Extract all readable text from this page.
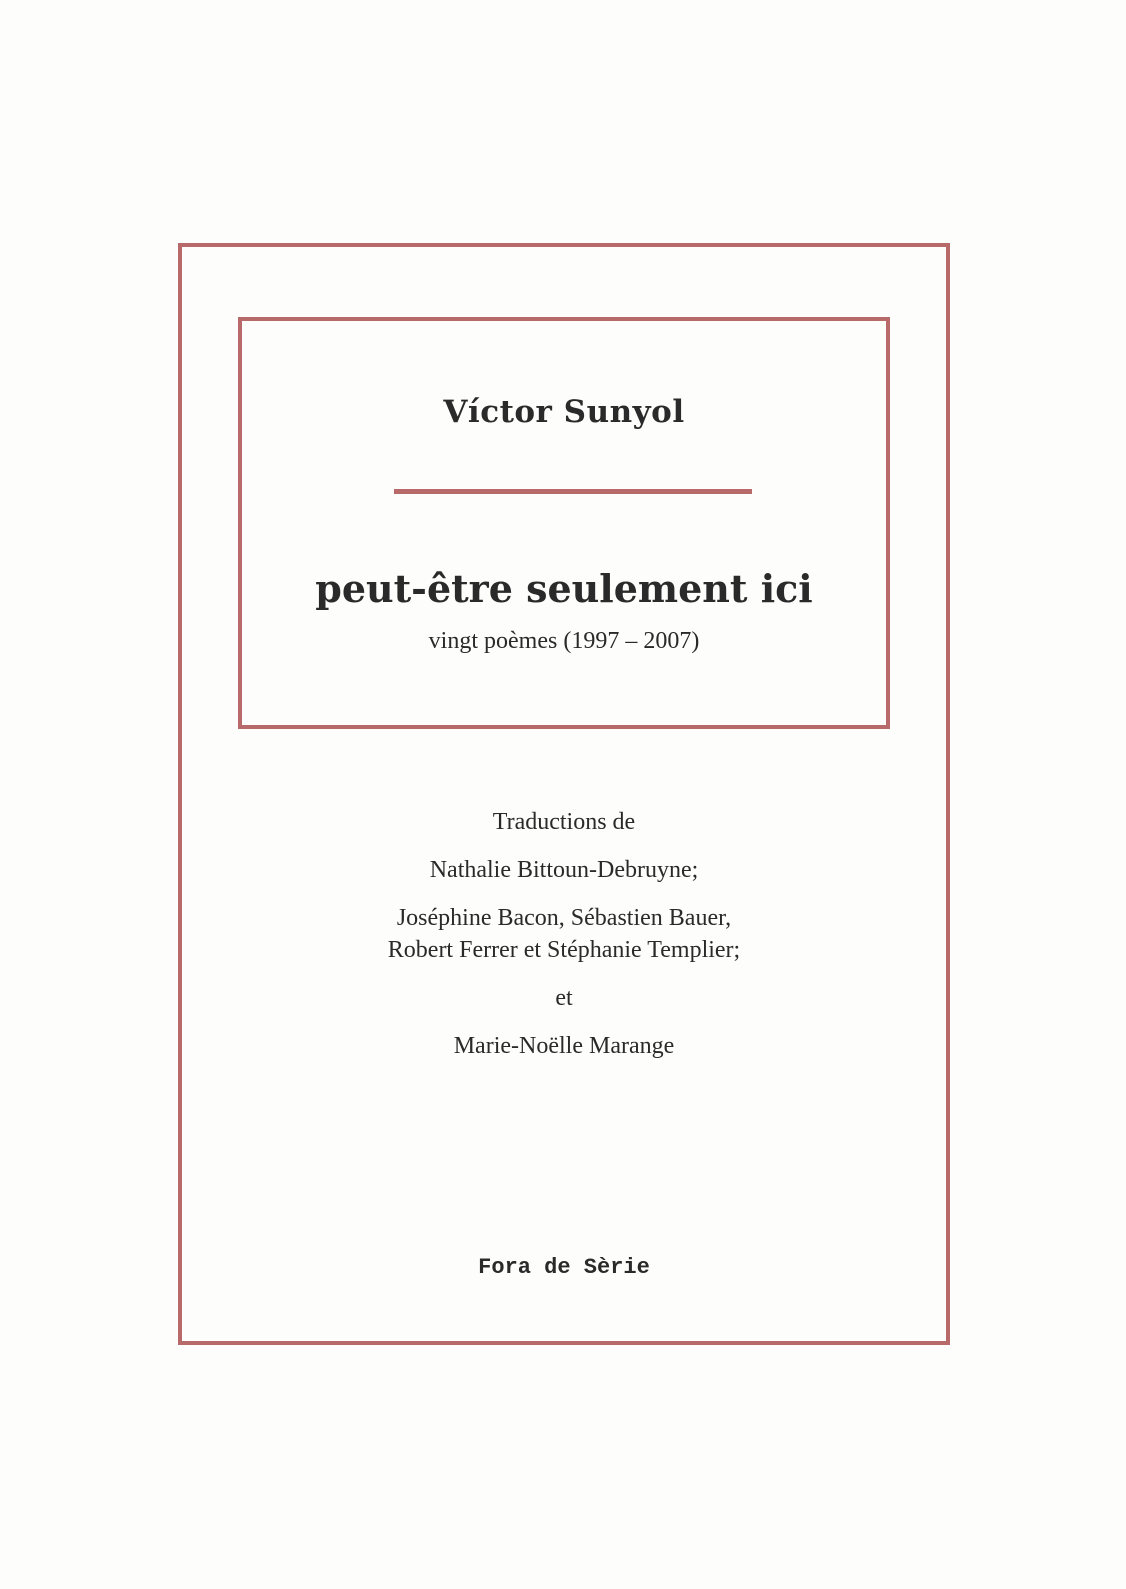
Víctor Sunyol
peut-être seulement ici
vingt poèmes (1997 – 2007)
Traductions de
Nathalie Bittoun-Debruyne;
Joséphine Bacon, Sébastien Bauer,
Robert Ferrer et Stéphanie Templier;
et
Marie-Noëlle Marange
Fora de Sèrie
